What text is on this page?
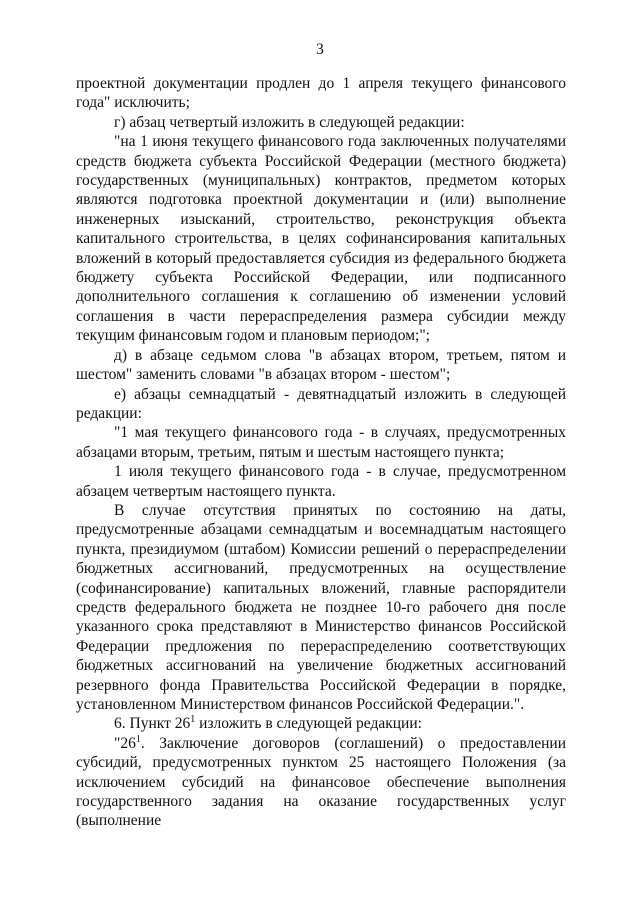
3

проектной документации продлен до 1 апреля текущего финансового года" исключить;

г) абзац четвертый изложить в следующей редакции:

"на 1 июня текущего финансового года заключенных получателями средств бюджета субъекта Российской Федерации (местного бюджета) государственных (муниципальных) контрактов, предметом которых являются подготовка проектной документации и (или) выполнение инженерных изысканий, строительство, реконструкция объекта капитального строительства, в целях софинансирования капитальных вложений в который предоставляется субсидия из федерального бюджета бюджету субъекта Российской Федерации, или подписанного дополнительного соглашения к соглашению об изменении условий соглашения в части перераспределения размера субсидии между текущим финансовым годом и плановым периодом;";

д) в абзаце седьмом слова "в абзацах втором, третьем, пятом и шестом" заменить словами "в абзацах втором - шестом";

е) абзацы семнадцатый - девятнадцатый изложить в следующей редакции:

"1 мая текущего финансового года - в случаях, предусмотренных абзацами вторым, третьим, пятым и шестым настоящего пункта;

1 июля текущего финансового года - в случае, предусмотренном абзацем четвертым настоящего пункта.

В случае отсутствия принятых по состоянию на даты, предусмотренные абзацами семнадцатым и восемнадцатым настоящего пункта, президиумом (штабом) Комиссии решений о перераспределении бюджетных ассигнований, предусмотренных на осуществление (софинансирование) капитальных вложений, главные распорядители средств федерального бюджета не позднее 10-го рабочего дня после указанного срока представляют в Министерство финансов Российской Федерации предложения по перераспределению соответствующих бюджетных ассигнований на увеличение бюджетных ассигнований резервного фонда Правительства Российской Федерации в порядке, установленном Министерством финансов Российской Федерации.".

6. Пункт $26^1$ изложить в следующей редакции:

"$26^1$. Заключение договоров (соглашений) о предоставлении субсидий, предусмотренных пунктом 25 настоящего Положения (за исключением субсидий на финансовое обеспечение выполнения государственного задания на оказание государственных услуг (выполнение
